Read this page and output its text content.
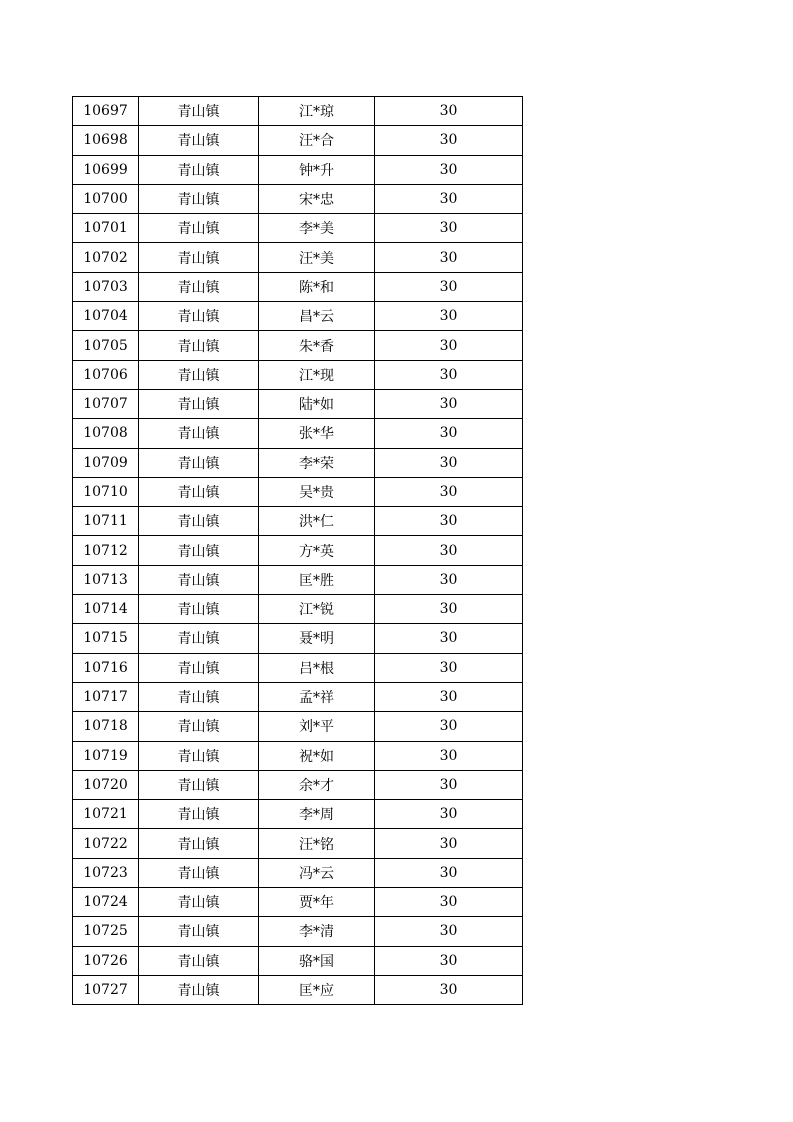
10697	青山镇	江*琼	30
10698	青山镇	汪*合	30
10699	青山镇	钟*升	30
10700	青山镇	宋*忠	30
10701	青山镇	李*美	30
10702	青山镇	汪*美	30
10703	青山镇	陈*和	30
10704	青山镇	昌*云	30
10705	青山镇	朱*香	30
10706	青山镇	江*现	30
10707	青山镇	陆*如	30
10708	青山镇	张*华	30
10709	青山镇	李*荣	30
10710	青山镇	吴*贵	30
10711	青山镇	洪*仁	30
10712	青山镇	方*英	30
10713	青山镇	匡*胜	30
10714	青山镇	江*锐	30
10715	青山镇	聂*明	30
10716	青山镇	吕*根	30
10717	青山镇	孟*祥	30
10718	青山镇	刘*平	30
10719	青山镇	祝*如	30
10720	青山镇	余*才	30
10721	青山镇	李*周	30
10722	青山镇	汪*铭	30
10723	青山镇	冯*云	30
10724	青山镇	贾*年	30
10725	青山镇	李*清	30
10726	青山镇	骆*国	30
10727	青山镇	匡*应	30
